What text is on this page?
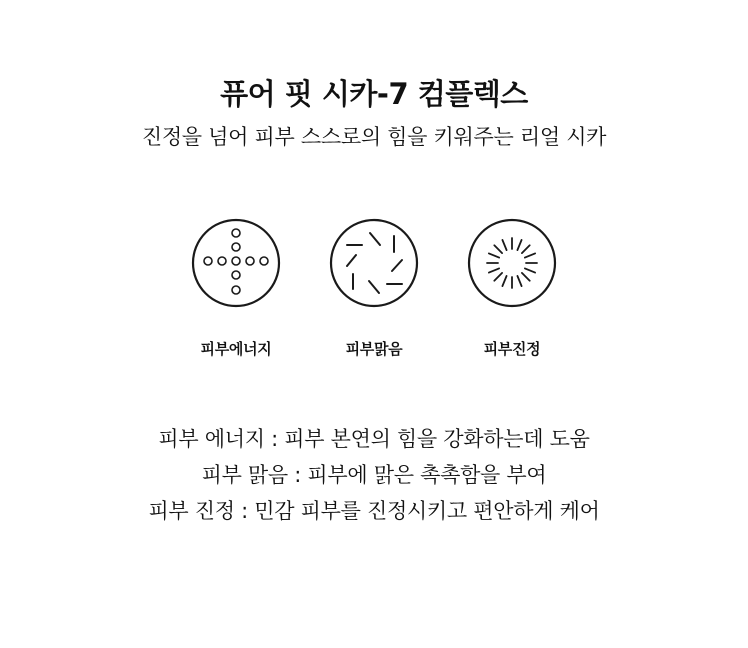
퓨어 핏 시카-7 컴플렉스

진정을 넘어 피부 스스로의 힘을 키워주는 리얼 시카

피부에너지	피부맑음	피부진정
피부 에너지 : 피부 본연의 힘을 강화하는데 도움
피부 맑음 : 피부에 맑은 촉촉함을 부여
피부 진정 : 민감 피부를 진정시키고 편안하게 케어
